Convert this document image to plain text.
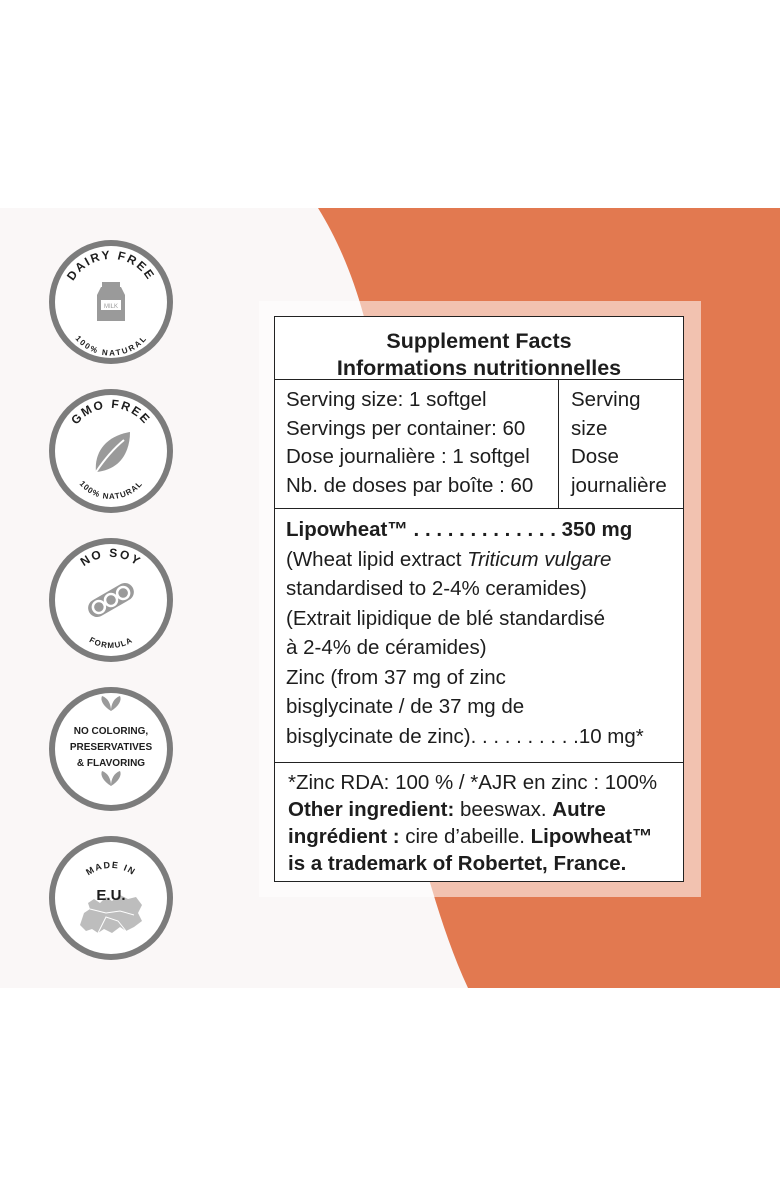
DAIRY FREE
100% NATURAL
MILK
GMO FREE
100% NATURAL
NO SOY
FORMULA
NO COLORING,
PRESERVATIVES
& FLAVORING
MADE IN
E.U.
Supplement Facts
Informations nutritionnelles
Serving size: 1 softgel
Servings per container: 60
Dose journalière : 1 softgel
Nb. de doses par boîte : 60
Serving
size
Dose
journalière
Lipowheat™ . . . . . . . . . . . . . 350 mg
(Wheat lipid extract Triticum vulgare
standardised to 2-4% ceramides)
(Extrait lipidique de blé standardisé
à 2-4% de céramides)
Zinc (from 37 mg of zinc
bisglycinate / de 37 mg de
bisglycinate de zinc). . . . . . . . . .10 mg*
*Zinc RDA: 100 % / *AJR en zinc : 100%
Other ingredient: beeswax. Autre
ingrédient : cire d’abeille. Lipowheat™
is a trademark of Robertet, France.
